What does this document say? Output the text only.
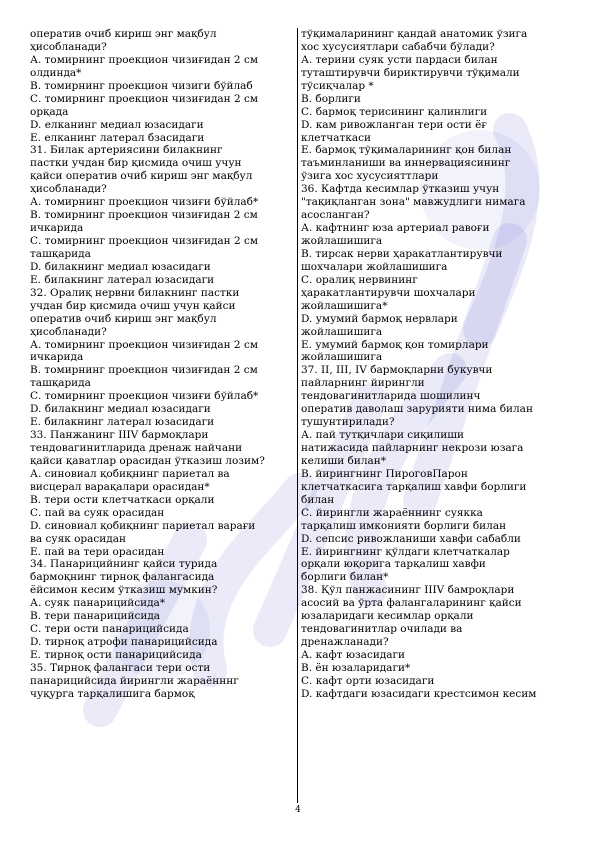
оператив очиб кириш энг мақбул
ҳисобланади?
А. томирнинг проекцион чизиғидан 2 см
олдинда*
В. томирнинг проекцион чизиги бўйлаб
С. томирнинг проекцион чизиғидан 2 см
орқада
D. елканинг медиал юзасидаги
Е. елканинг латерал бзасидаги
31. Билак артериясини билакнинг
пастки учдан бир қисмида очиш учун
қайси оператив очиб кириш энг мақбул
ҳисобланади?
А. томирнинг проекцион чизиғи бўйлаб*
В. томирнинг проекцион чизиғидан 2 см
ичкарида
С. томирнинг проекцион чизиғидан 2 см
ташқарида
D. билакнинг медиал юзасидаги
Е. билакнинг латерал юзасидаги
32. Оралиқ нервни билакнинг пастки
учдан бир қисмида очиш учун қайси
оператив очиб кириш энг мақбул
ҳисобланади?
А. томирнинг проекцион чизиғидан 2 см
ичкарида
В. томирнинг проекцион чизиғидан 2 см
ташқарида
С. томирнинг проекцион чизиғи бўйлаб*
D. билакнинг медиал юзасидаги
Е. билакнинг латерал юзасидаги
33. Панжанинг IIIV бармоқлари
тендовагинитларида дренаж найчани
қайси қаватлар орасидан ўтказиш лозим?
А. синовиал қобиқнинг париетал ва
висцерал варақалари орасидан*
В. тери ости клетчаткаси орқали
С. пай ва суяк орасидан
D. синовиал қобиқнинг париетал варағи
ва суяк орасидан
Е. пай ва тери орасидан
34. Панарицийнинг қайси турида
бармоқнинг тирноқ фалангасида
ёйсимон кесим ўтказиш мумкин?
А. суяк панарицийсида*
В. тери панарицийсида
С. тери ости панарицийсида
D. тирноқ атрофи панарицийсида
Е. тирноқ ости панарицийсида
35. Тирноқ фалангаси тери ости
панарицийсида йирингли жараённнг
чуқурга тарқалишига бармоқ
тўқималарининг қандай анатомик ўзига
хос хусусиятлари сабабчи бўлади?
А. терини суяк усти пардаси билан
туташтирувчи бириктирувчи тўқимали
тўсиқчалар *
В. борлиги
С. бармоқ терисининг қалинлиги
D. кам ривожланган тери ости ёғ
клетчаткаси
Е. бармоқ тўқималарининг қон билан
таъминланиши ва иннервациясининг
ўзига хос хусусияттлари
36. Кафтда кесимлар ўтказиш учун
"тақиқланган зона" мавжудлиги нимага
асосланган?
А. кафтнинг юза артериал равоғи
жойлашишига
В. тирсак нерви ҳаракатлантирувчи
шохчалари жойлашишига
С. оралиқ нервининг
ҳаракатлантирувчи шохчалари
жойлашишига*
D. умумий бармоқ нервлари
жойлашишига
Е. умумий бармоқ қон томирлари
жойлашишига
37. II, III, IV бармоқларни букувчи
пайларнинг йирингли
тендовагинитларида шошилинч
оператив даволаш зарурияти нима билан
тушунтирилади?
А. пай тутқичлари сиқилиши
натижасида пайларнинг некрози юзага
келиши билан*
В. йирингнинг ПироговПарон
клетчаткасига тарқалиш хавфи борлиги
билан
С. йирингли жараённинг суякка
тарқалиш имконияти борлиги билан
D. сепсис ривожланиши хавфи сабабли
Е. йирингнинг қўлдаги клетчаткалар
орқали юқорига тарқалиш хавфи
борлиги билан*
38. Қўл панжасининг IIIV бамроқлари
асосий ва ўрта фалангаларининг қайси
юзаларидаги кесимлар орқали
тендовагинитлар очилади ва
дренажланади?
А. кафт юзасидаги
В. ён юзаларидаги*
С. кафт орти юзасидаги
D. кафтдаги юзасидаги крестсимон кесим
4
